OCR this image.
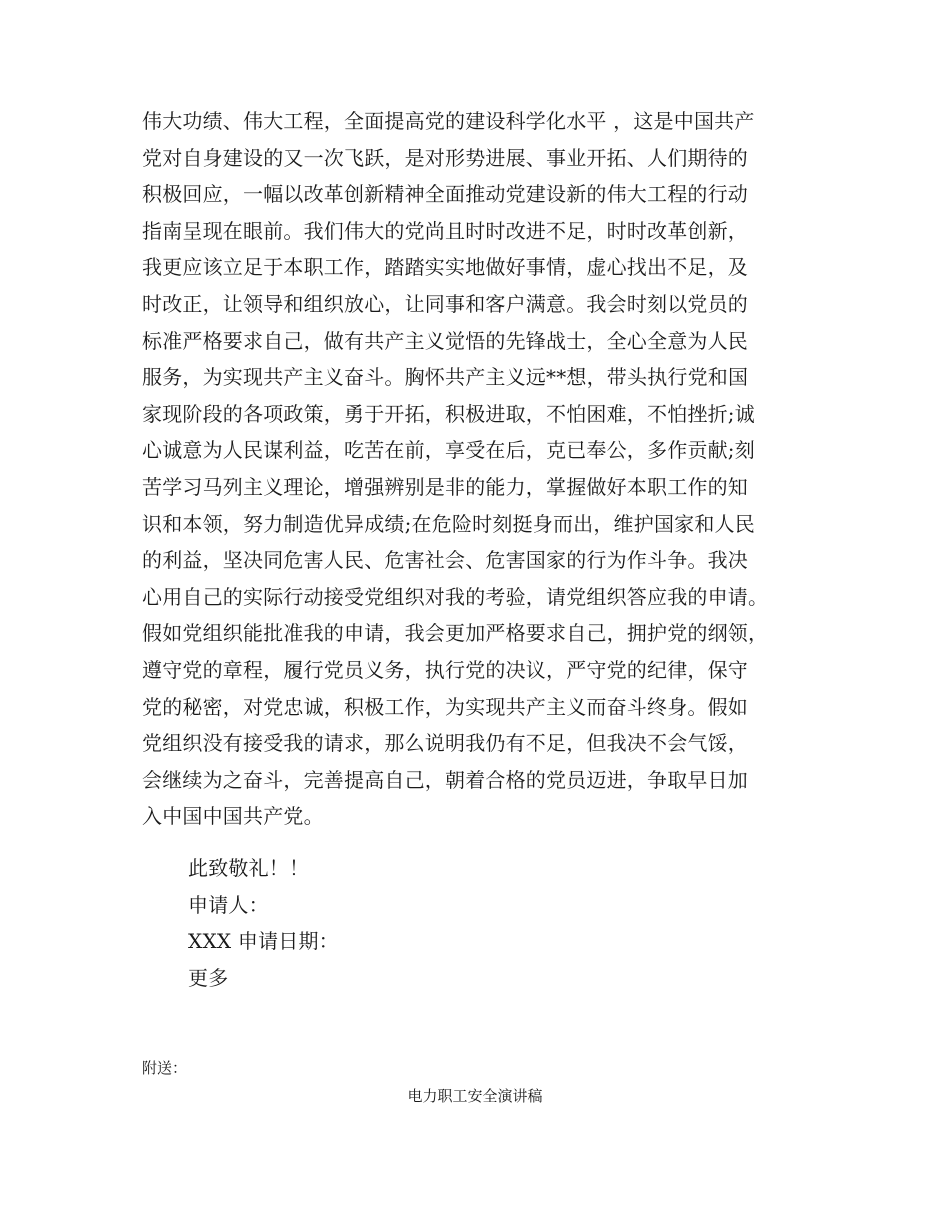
伟大功绩、伟大工程，全面提高党的建设科学化水平 ，这是中国共产
党对自身建设的又一次飞跃，是对形势进展、事业开拓、人们期待的
积极回应，一幅以改革创新精神全面推动党建设新的伟大工程的行动
指南呈现在眼前。我们伟大的党尚且时时改进不足，时时改革创新，
我更应该立足于本职工作，踏踏实实地做好事情，虚心找出不足，及
时改正，让领导和组织放心，让同事和客户满意。我会时刻以党员的
标准严格要求自己，做有共产主义觉悟的先锋战士，全心全意为人民
服务，为实现共产主义奋斗。胸怀共产主义远**想，带头执行党和国
家现阶段的各项政策，勇于开拓，积极进取，不怕困难，不怕挫折;诚
心诚意为人民谋利益，吃苦在前，享受在后，克已奉公，多作贡献;刻
苦学习马列主义理论，增强辨别是非的能力，掌握做好本职工作的知
识和本领，努力制造优异成绩;在危险时刻挺身而出，维护国家和人民
的利益，坚决同危害人民、危害社会、危害国家的行为作斗争。我决
心用自己的实际行动接受党组织对我的考验，请党组织答应我的申请。
假如党组织能批准我的申请，我会更加严格要求自己，拥护党的纲领，
遵守党的章程，履行党员义务，执行党的决议，严守党的纪律，保守
党的秘密，对党忠诚，积极工作，为实现共产主义而奋斗终身。假如
党组织没有接受我的请求，那么说明我仍有不足，但我决不会气馁，
会继续为之奋斗，完善提高自己，朝着合格的党员迈进，争取早日加
入中国中国共产党。
此致敬礼！！
申请人：
XXX 申请日期：
更多
附送：
电力职工安全演讲稿
